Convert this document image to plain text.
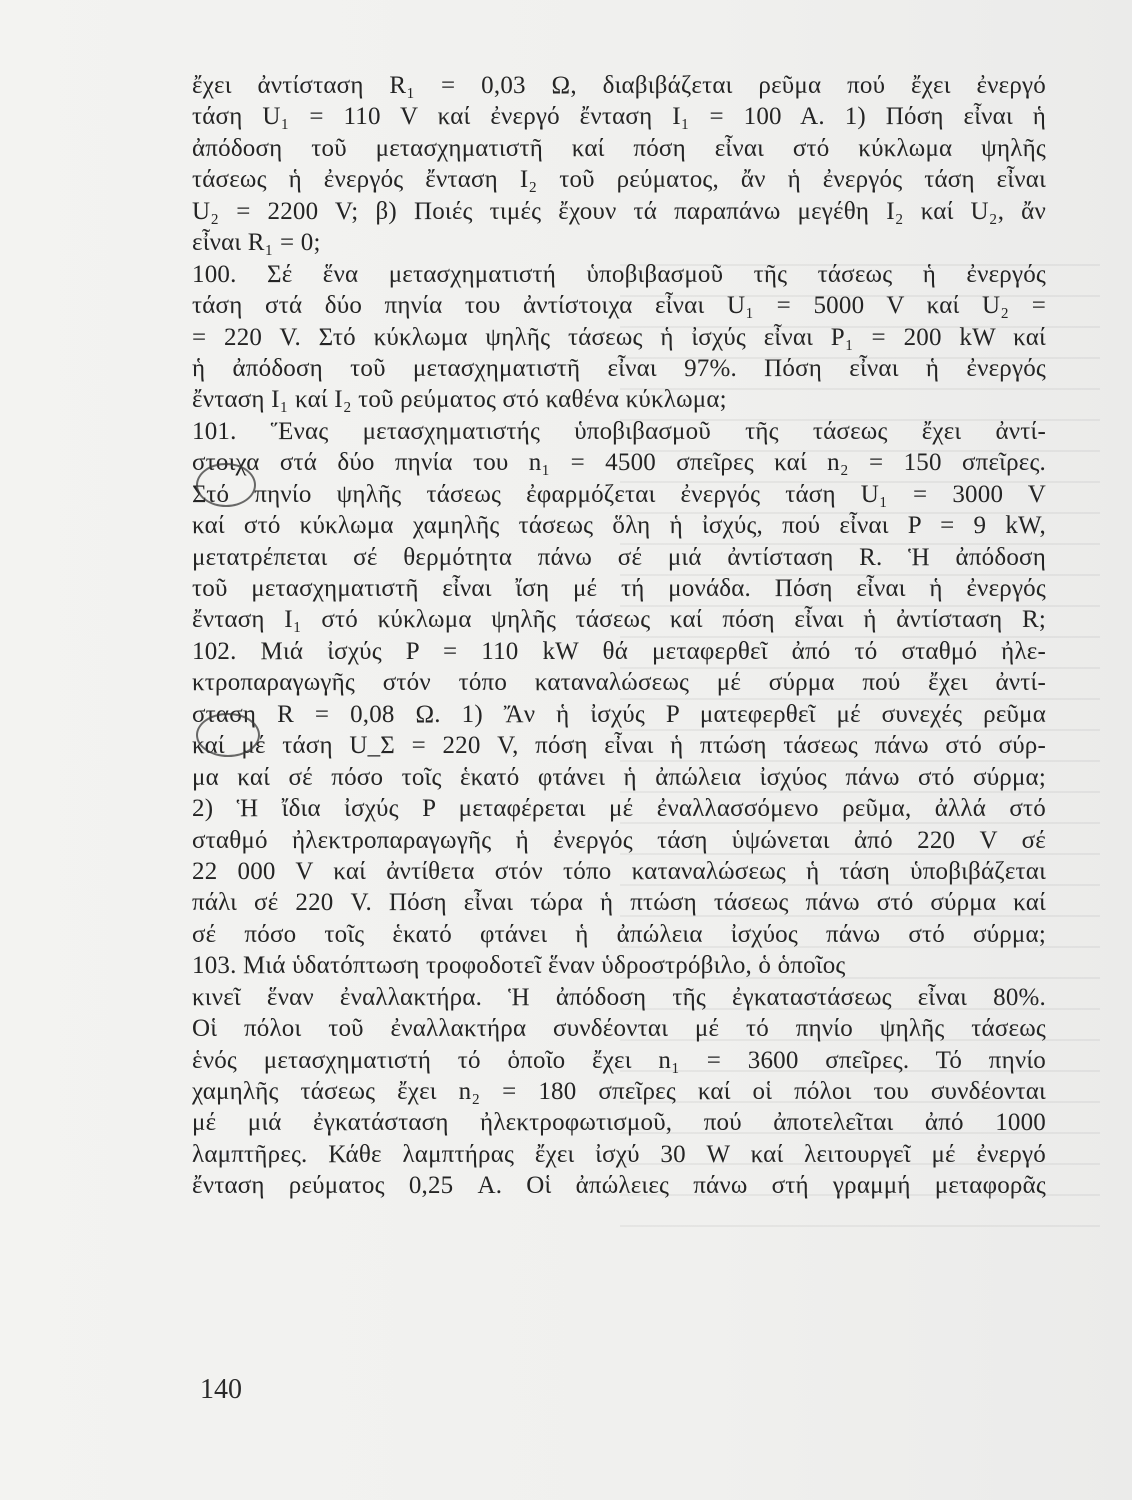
ἔχει ἀντίσταση R₁ = 0,03 Ω, διαβιβάζεται ρεῦμα πού ἔχει ἐνεργό
τάση U₁ = 110 V καί ἐνεργό ἔνταση I₁ = 100 A. 1) Πόση εἶναι ἡ
ἀπόδοση τοῦ μετασχηματιστῆ καί πόση εἶναι στό κύκλωμα ψηλῆς
τάσεως ἡ ἐνεργός ἔνταση I₂ τοῦ ρεύματος, ἄν ἡ ἐνεργός τάση εἶναι
U₂ = 2200 V; β) Ποιές τιμές ἔχουν τά παραπάνω μεγέθη I₂ καί U₂, ἄν
εἶναι R₁ = 0;
100. Σέ ἕνα μετασχηματιστή ὑποβιβασμοῦ τῆς τάσεως ἡ ἐνεργός
τάση στά δύο πηνία του ἀντίστοιχα εἶναι U₁ = 5000 V καί U₂ =
= 220 V. Στό κύκλωμα ψηλῆς τάσεως ἡ ἰσχύς εἶναι P₁ = 200 kW καί
ἡ ἀπόδοση τοῦ μετασχηματιστῆ εἶναι 97%. Πόση εἶναι ἡ ἐνεργός
ἔνταση I₁ καί I₂ τοῦ ρεύματος στό καθένα κύκλωμα;
101. Ἕνας μετασχηματιστής ὑποβιβασμοῦ τῆς τάσεως ἔχει ἀντί-
στοιχα στά δύο πηνία του n₁ = 4500 σπεῖρες καί n₂ = 150 σπεῖρες.
Στό πηνίο ψηλῆς τάσεως ἐφαρμόζεται ἐνεργός τάση U₁ = 3000 V
καί στό κύκλωμα χαμηλῆς τάσεως ὅλη ἡ ἰσχύς, πού εἶναι P = 9 kW,
μετατρέπεται σέ θερμότητα πάνω σέ μιά ἀντίσταση R. Ἡ ἀπόδοση
τοῦ μετασχηματιστῆ εἶναι ἴση μέ τή μονάδα. Πόση εἶναι ἡ ἐνεργός
ἔνταση I₁ στό κύκλωμα ψηλῆς τάσεως καί πόση εἶναι ἡ ἀντίσταση R;
102. Μιά ἰσχύς P = 110 kW θά μεταφερθεῖ ἀπό τό σταθμό ἠλε-
κτροπαραγωγῆς στόν τόπο καταναλώσεως μέ σύρμα πού ἔχει ἀντί-
σταση R = 0,08 Ω. 1) Ἄν ἡ ἰσχύς P ματεφερθεῖ μέ συνεχές ρεῦμα
καί μέ τάση U_Σ = 220 V, πόση εἶναι ἡ πτώση τάσεως πάνω στό σύρ-
μα καί σέ πόσο τοῖς ἑκατό φτάνει ἡ ἀπώλεια ἰσχύος πάνω στό σύρμα;
2) Ἡ ἴδια ἰσχύς P μεταφέρεται μέ ἐναλλασσόμενο ρεῦμα, ἀλλά στό
σταθμό ἠλεκτροπαραγωγῆς ἡ ἐνεργός τάση ὑψώνεται ἀπό 220 V σέ
22 000 V καί ἀντίθετα στόν τόπο καταναλώσεως ἡ τάση ὑποβιβάζεται
πάλι σέ 220 V. Πόση εἶναι τώρα ἡ πτώση τάσεως πάνω στό σύρμα καί
σέ πόσο τοῖς ἑκατό φτάνει ἡ ἀπώλεια ἰσχύος πάνω στό σύρμα;
103. Μιά ὑδατόπτωση τροφοδοτεῖ ἕναν ὑδροστρόβιλο, ὁ ὁποῖος
κινεῖ ἕναν ἐναλλακτήρα. Ἡ ἀπόδοση τῆς ἐγκαταστάσεως εἶναι 80%.
Οἱ πόλοι τοῦ ἐναλλακτήρα συνδέονται μέ τό πηνίο ψηλῆς τάσεως
ἑνός μετασχηματιστή τό ὁποῖο ἔχει n₁ = 3600 σπεῖρες. Τό πηνίο
χαμηλῆς τάσεως ἔχει n₂ = 180 σπεῖρες καί οἱ πόλοι του συνδέονται
μέ μιά ἐγκατάσταση ἠλεκτροφωτισμοῦ, πού ἀποτελεῖται ἀπό 1000
λαμπτῆρες. Κάθε λαμπτήρας ἔχει ἰσχύ 30 W καί λειτουργεῖ μέ ἐνεργό
ἔνταση ρεύματος 0,25 A. Οἱ ἀπώλειες πάνω στή γραμμή μεταφορᾶς
140
